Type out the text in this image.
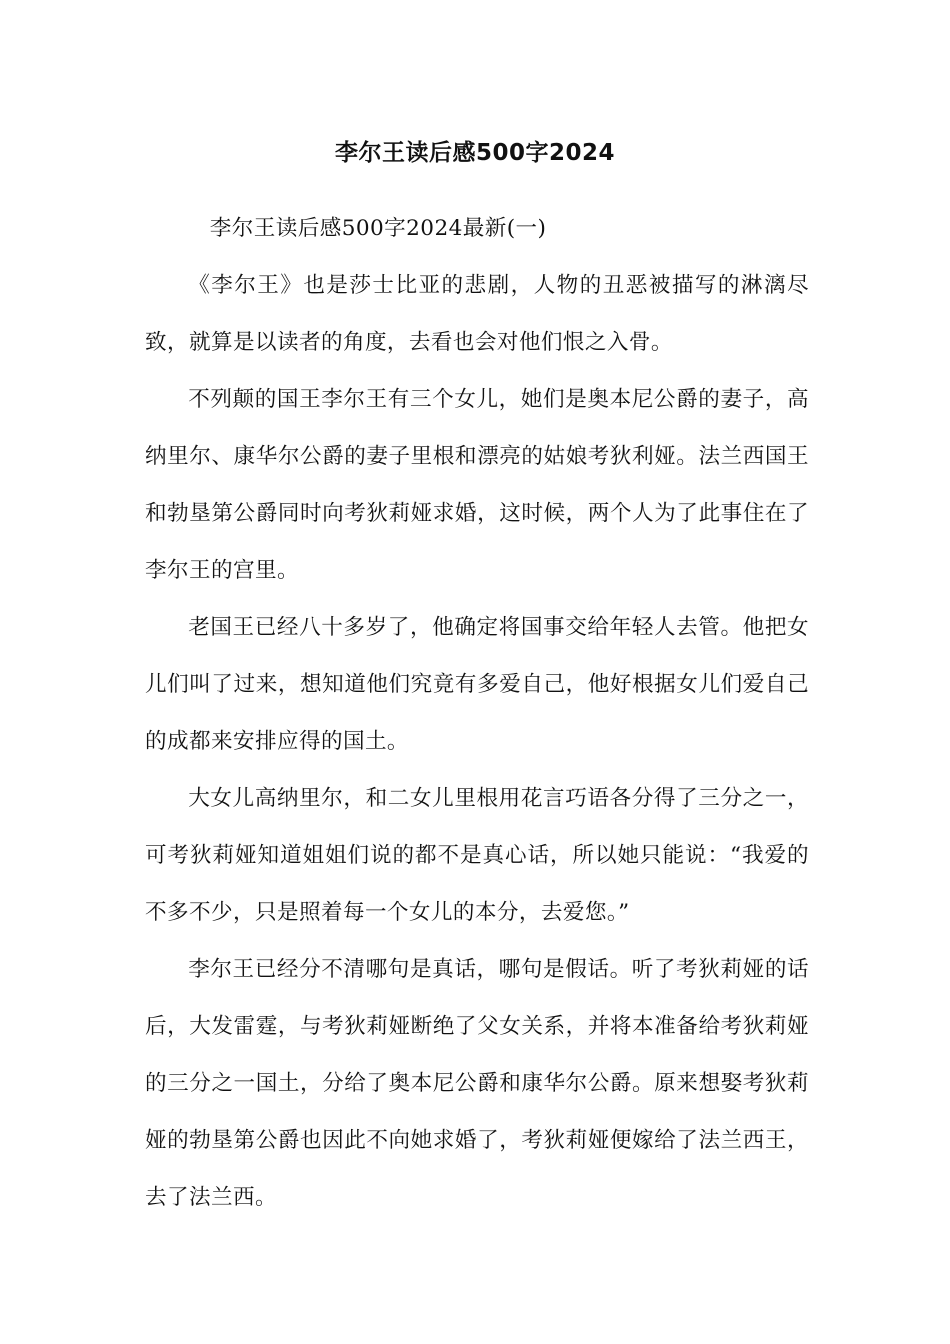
李尔王读后感500字2024

李尔王读后感500字2024最新(一)

《李尔王》也是莎士比亚的悲剧，人物的丑恶被描写的淋漓尽致，就算是以读者的角度，去看也会对他们恨之入骨。

不列颠的国王李尔王有三个女儿，她们是奥本尼公爵的妻子，高纳里尔、康华尔公爵的妻子里根和漂亮的姑娘考狄利娅。法兰西国王和勃垦第公爵同时向考狄莉娅求婚，这时候，两个人为了此事住在了李尔王的宫里。

老国王已经八十多岁了，他确定将国事交给年轻人去管。他把女儿们叫了过来，想知道他们究竟有多爱自己，他好根据女儿们爱自己的成都来安排应得的国土。

大女儿高纳里尔，和二女儿里根用花言巧语各分得了三分之一，可考狄莉娅知道姐姐们说的都不是真心话，所以她只能说：“我爱的不多不少，只是照着每一个女儿的本分，去爱您。”

李尔王已经分不清哪句是真话，哪句是假话。听了考狄莉娅的话后，大发雷霆，与考狄莉娅断绝了父女关系，并将本准备给考狄莉娅的三分之一国土，分给了奥本尼公爵和康华尔公爵。原来想娶考狄莉娅的勃垦第公爵也因此不向她求婚了，考狄莉娅便嫁给了法兰西王，去了法兰西。
